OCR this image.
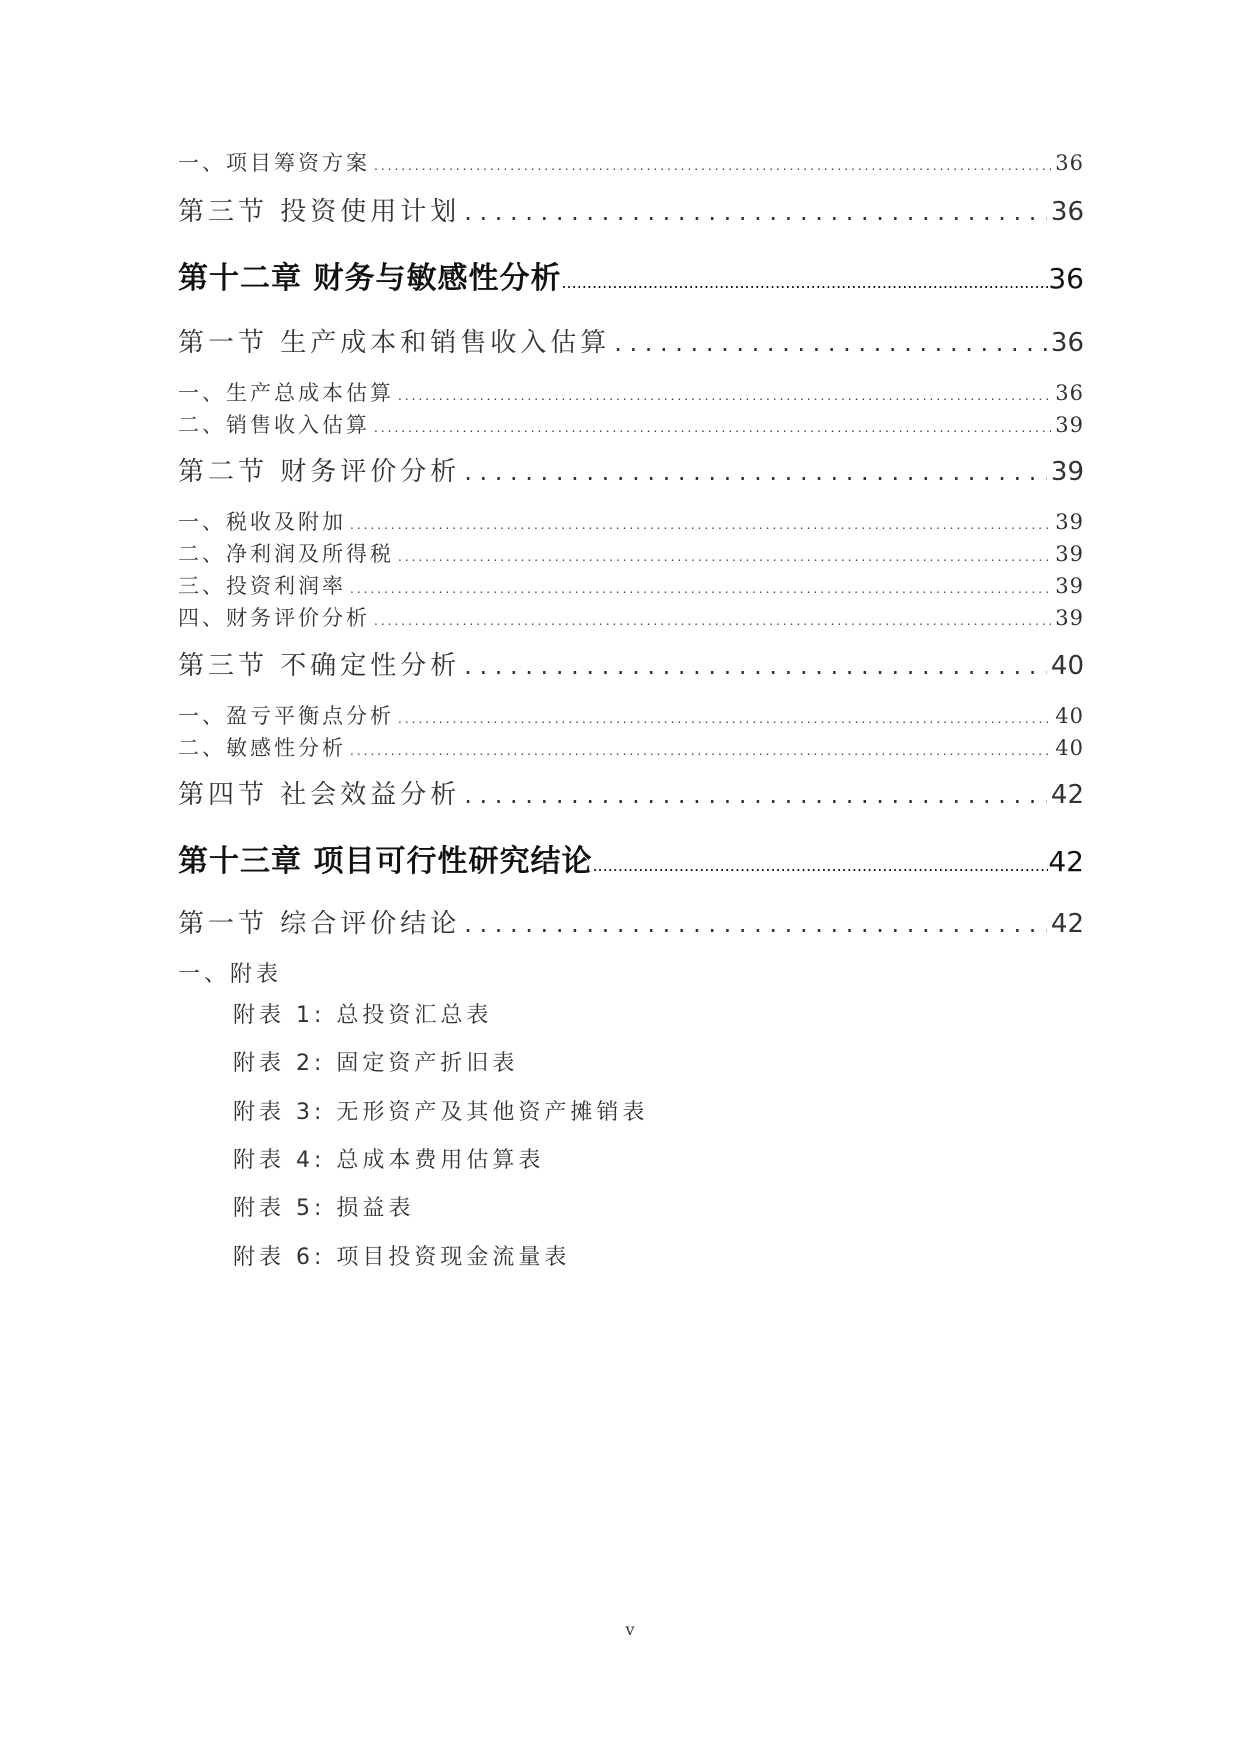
一、项目筹资方案 .....	36
第三节 投资使用计划 . . .	36
第十二章 财务与敏感性分析 .....	36
第一节 生产成本和销售收入估算 . . .	36
一、生产总成本估算 .....	36
二、销售收入估算 .....	39
第二节 财务评价分析 . . .	39
一、税收及附加 .....	39
二、净利润及所得税 .....	39
三、投资利润率 .....	39
四、财务评价分析 .....	39
第三节 不确定性分析 . . .	40
一、盈亏平衡点分析 .....	40
二、敏感性分析 .....	40
第四节 社会效益分析 . . .	42
第十三章 项目可行性研究结论 .....	42
第一节 综合评价结论 . . .	42
一、附表
附表 1: 总投资汇总表
附表 2: 固定资产折旧表
附表 3: 无形资产及其他资产摊销表
附表 4: 总成本费用估算表
附表 5: 损益表
附表 6: 项目投资现金流量表
v
